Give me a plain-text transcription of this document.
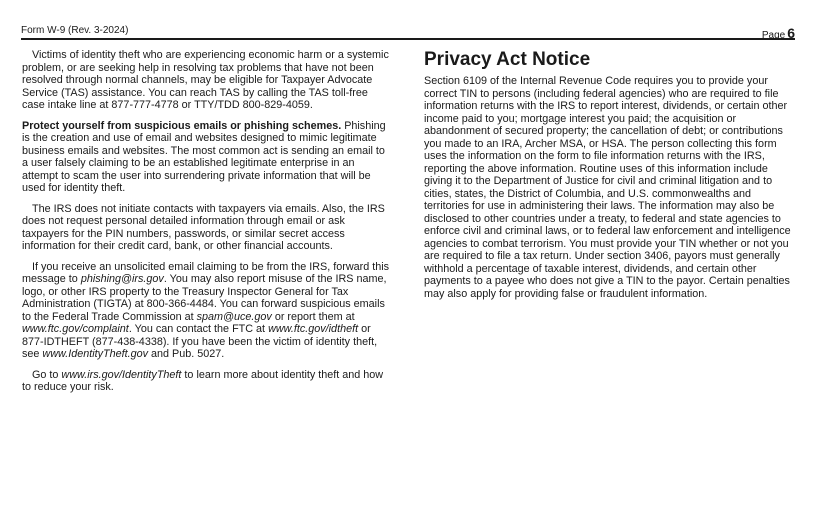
Form W-9 (Rev. 3-2024)	Page 6

Victims of identity theft who are experiencing economic harm or a systemic problem, or are seeking help in resolving tax problems that have not been resolved through normal channels, may be eligible for Taxpayer Advocate Service (TAS) assistance. You can reach TAS by calling the TAS toll-free case intake line at 877-777-4778 or TTY/TDD 800-829-4059.

Protect yourself from suspicious emails or phishing schemes. Phishing is the creation and use of email and websites designed to mimic legitimate business emails and websites. The most common act is sending an email to a user falsely claiming to be an established legitimate enterprise in an attempt to scam the user into surrendering private information that will be used for identity theft.

The IRS does not initiate contacts with taxpayers via emails. Also, the IRS does not request personal detailed information through email or ask taxpayers for the PIN numbers, passwords, or similar secret access information for their credit card, bank, or other financial accounts.

If you receive an unsolicited email claiming to be from the IRS, forward this message to phishing@irs.gov. You may also report misuse of the IRS name, logo, or other IRS property to the Treasury Inspector General for Tax Administration (TIGTA) at 800-366-4484. You can forward suspicious emails to the Federal Trade Commission at spam@uce.gov or report them at www.ftc.gov/complaint. You can contact the FTC at www.ftc.gov/idtheft or 877-IDTHEFT (877-438-4338). If you have been the victim of identity theft, see www.IdentityTheft.gov and Pub. 5027.

Go to www.irs.gov/IdentityTheft to learn more about identity theft and how to reduce your risk.

Privacy Act Notice

Section 6109 of the Internal Revenue Code requires you to provide your correct TIN to persons (including federal agencies) who are required to file information returns with the IRS to report interest, dividends, or certain other income paid to you; mortgage interest you paid; the acquisition or abandonment of secured property; the cancellation of debt; or contributions you made to an IRA, Archer MSA, or HSA. The person collecting this form uses the information on the form to file information returns with the IRS, reporting the above information. Routine uses of this information include giving it to the Department of Justice for civil and criminal litigation and to cities, states, the District of Columbia, and U.S. commonwealths and territories for use in administering their laws. The information may also be disclosed to other countries under a treaty, to federal and state agencies to enforce civil and criminal laws, or to federal law enforcement and intelligence agencies to combat terrorism. You must provide your TIN whether or not you are required to file a tax return. Under section 3406, payors must generally withhold a percentage of taxable interest, dividends, and certain other payments to a payee who does not give a TIN to the payor. Certain penalties may also apply for providing false or fraudulent information.
